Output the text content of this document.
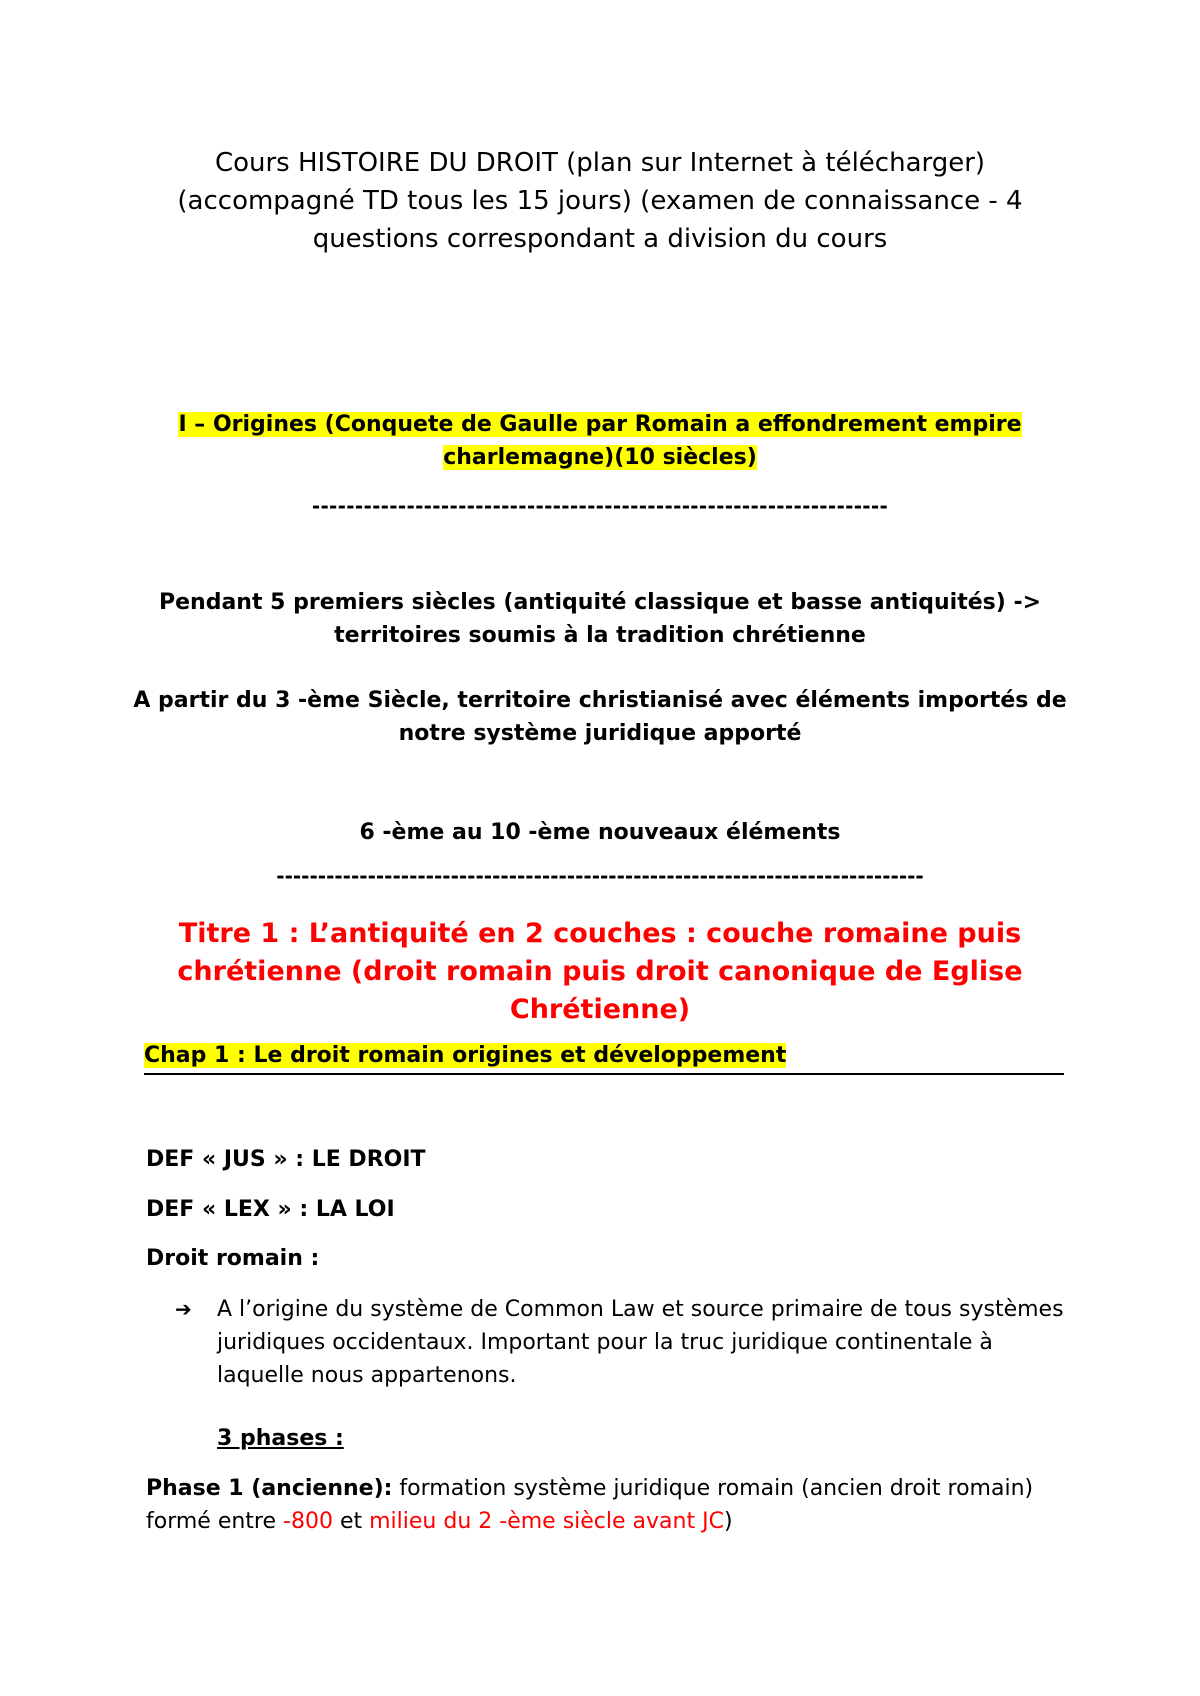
Cours HISTOIRE DU DROIT (plan sur Internet à télécharger) (accompagné TD tous les 15 jours) (examen de connaissance - 4 questions correspondant a division du cours
I – Origines (Conquete de Gaulle par Romain a effondrement empire charlemagne)(10 siècles)
-------------------------------------------------------------------
Pendant 5 premiers siècles (antiquité classique et basse antiquités) -> territoires soumis à la tradition chrétienne
A partir du 3 -ème Siècle, territoire christianisé avec éléments importés de notre système juridique apporté
6 -ème au 10 -ème nouveaux éléments
------------------------------------------------------------------------------
Titre 1 : L’antiquité en 2 couches : couche romaine puis chrétienne (droit romain puis droit canonique de Eglise Chrétienne)
Chap 1 : Le droit romain origines et développement
DEF « JUS » : LE DROIT
DEF « LEX » : LA LOI
Droit romain :
➔ A l’origine du système de Common Law et source primaire de tous systèmes juridiques occidentaux. Important pour la truc juridique continentale à laquelle nous appartenons.
3 phases :
Phase 1 (ancienne): formation système juridique romain (ancien droit romain) formé entre -800 et milieu du 2 -ème siècle avant JC)
